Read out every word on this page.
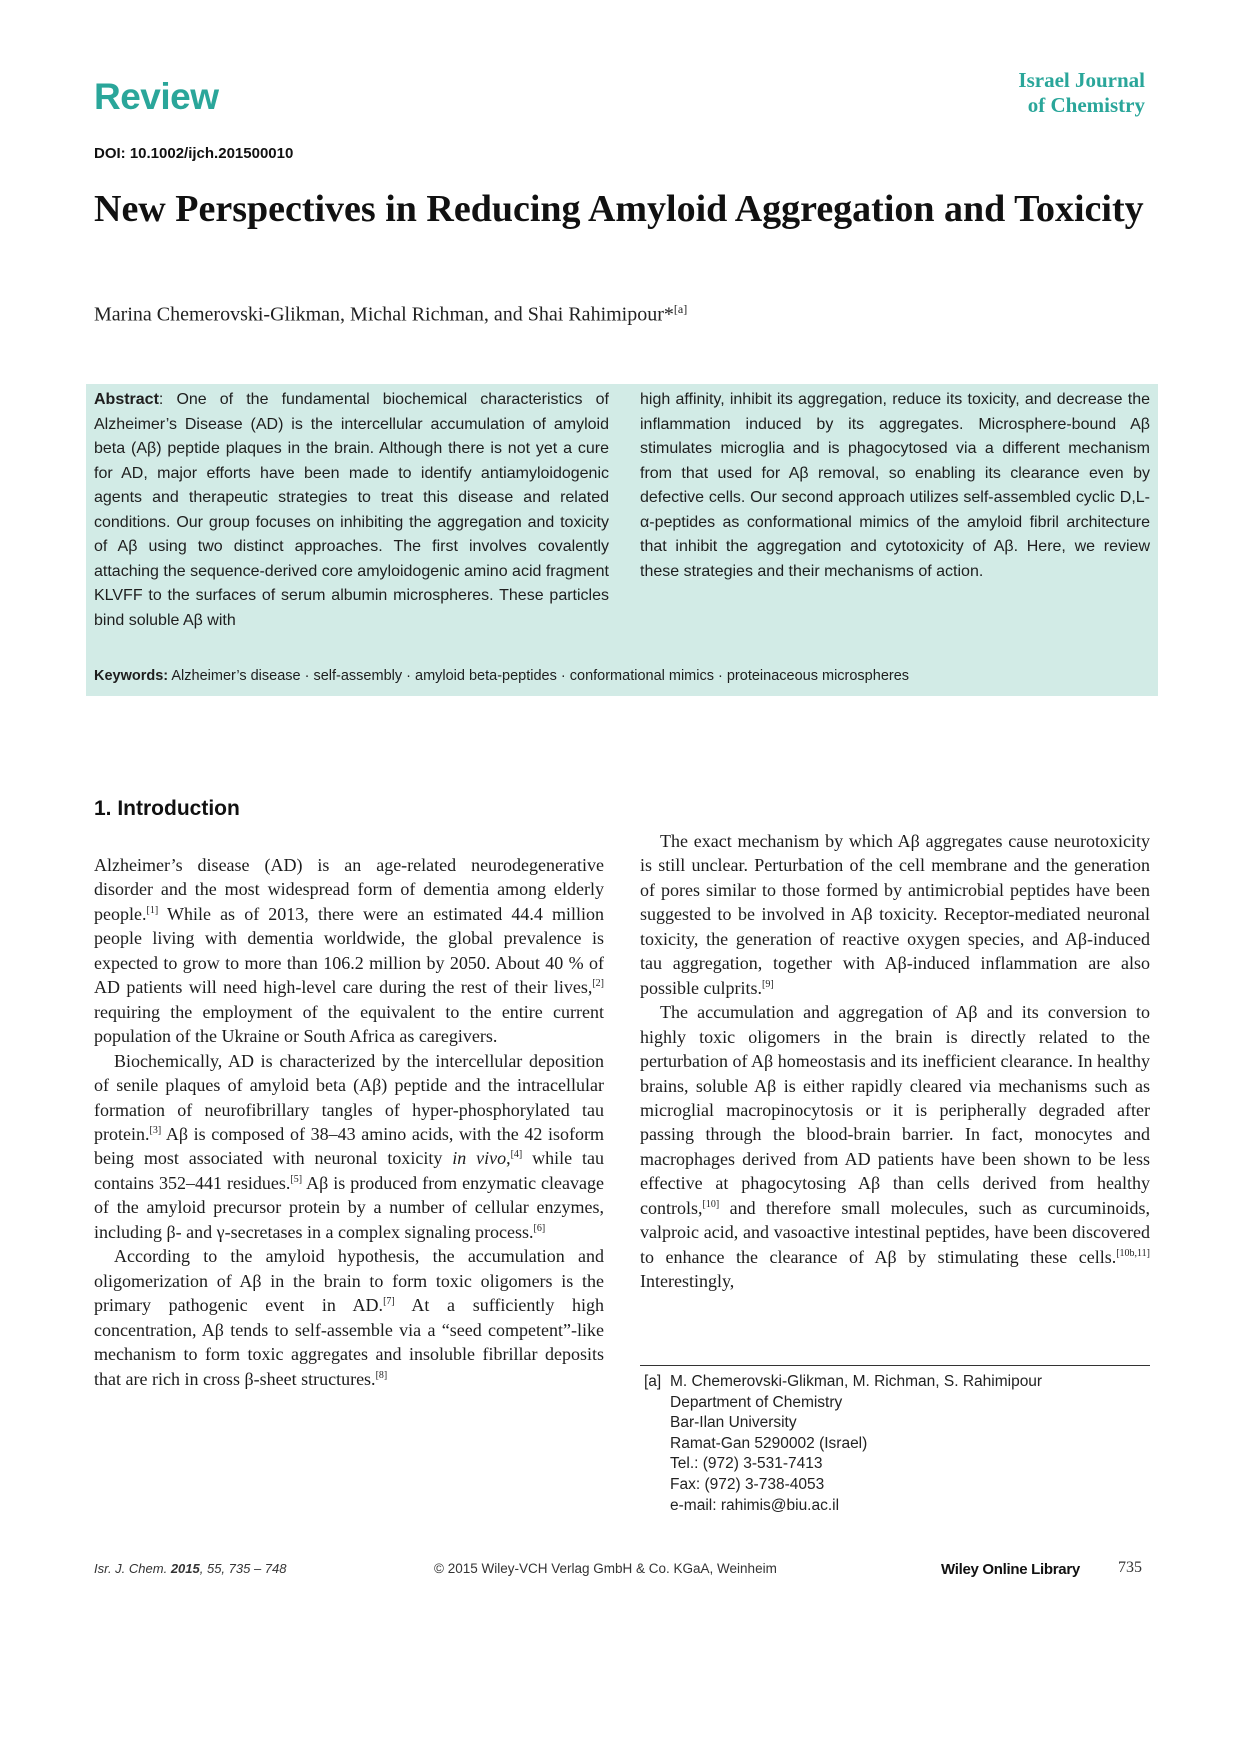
Review	Israel Journal
of Chemistry
DOI: 10.1002/ijch.201500010
New Perspectives in Reducing Amyloid Aggregation and Toxicity
Marina Chemerovski-Glikman, Michal Richman, and Shai Rahimipour*[a]
Abstract: One of the fundamental biochemical characteristics of Alzheimer’s Disease (AD) is the intercellular accumulation of amyloid beta (Aβ) peptide plaques in the brain. Although there is not yet a cure for AD, major efforts have been made to identify antiamyloidogenic agents and therapeutic strategies to treat this disease and related conditions. Our group focuses on inhibiting the aggregation and toxicity of Aβ using two distinct approaches. The first involves covalently attaching the sequence-derived core amyloidogenic amino acid fragment KLVFF to the surfaces of serum albumin microspheres. These particles bind soluble Aβ with
high affinity, inhibit its aggregation, reduce its toxicity, and decrease the inflammation induced by its aggregates. Microsphere-bound Aβ stimulates microglia and is phagocytosed via a different mechanism from that used for Aβ removal, so enabling its clearance even by defective cells. Our second approach utilizes self-assembled cyclic D,L-α-peptides as conformational mimics of the amyloid fibril architecture that inhibit the aggregation and cytotoxicity of Aβ. Here, we review these strategies and their mechanisms of action.
Keywords: Alzheimer’s disease · self-assembly · amyloid beta-peptides · conformational mimics · proteinaceous microspheres
1. Introduction

Alzheimer’s disease (AD) is an age-related neurodegenerative disorder and the most widespread form of dementia among elderly people.[1] While as of 2013, there were an estimated 44.4 million people living with dementia worldwide, the global prevalence is expected to grow to more than 106.2 million by 2050. About 40 % of AD patients will need high-level care during the rest of their lives,[2] requiring the employment of the equivalent to the entire current population of the Ukraine or South Africa as caregivers.

Biochemically, AD is characterized by the intercellular deposition of senile plaques of amyloid beta (Aβ) peptide and the intracellular formation of neurofibrillary tangles of hyper-phosphorylated tau protein.[3] Aβ is composed of 38–43 amino acids, with the 42 isoform being most associated with neuronal toxicity in vivo,[4] while tau contains 352–441 residues.[5] Aβ is produced from enzymatic cleavage of the amyloid precursor protein by a number of cellular enzymes, including β- and γ-secretases in a complex signaling process.[6]

According to the amyloid hypothesis, the accumulation and oligomerization of Aβ in the brain to form toxic oligomers is the primary pathogenic event in AD.[7] At a sufficiently high concentration, Aβ tends to self-assemble via a “seed competent”-like mechanism to form toxic aggregates and insoluble fibrillar deposits that are rich in cross β-sheet structures.[8]

The exact mechanism by which Aβ aggregates cause neurotoxicity is still unclear. Perturbation of the cell membrane and the generation of pores similar to those formed by antimicrobial peptides have been suggested to be involved in Aβ toxicity. Receptor-mediated neuronal toxicity, the generation of reactive oxygen species, and Aβ-induced tau aggregation, together with Aβ-induced inflammation are also possible culprits.[9]

The accumulation and aggregation of Aβ and its conversion to highly toxic oligomers in the brain is directly related to the perturbation of Aβ homeostasis and its inefficient clearance. In healthy brains, soluble Aβ is either rapidly cleared via mechanisms such as microglial macropinocytosis or it is peripherally degraded after passing through the blood-brain barrier. In fact, monocytes and macrophages derived from AD patients have been shown to be less effective at phagocytosing Aβ than cells derived from healthy controls,[10] and therefore small molecules, such as curcuminoids, valproic acid, and vasoactive intestinal peptides, have been discovered to enhance the clearance of Aβ by stimulating these cells.[10b,11] Interestingly,

[a] M. Chemerovski-Glikman, M. Richman, S. Rahimipour
Department of Chemistry
Bar-Ilan University
Ramat-Gan 5290002 (Israel)
Tel.: (972) 3-531-7413
Fax: (972) 3-738-4053
e-mail: rahimis@biu.ac.il
Isr. J. Chem. 2015, 55, 735 – 748	© 2015 Wiley-VCH Verlag GmbH & Co. KGaA, Weinheim	Wiley Online Library 735
